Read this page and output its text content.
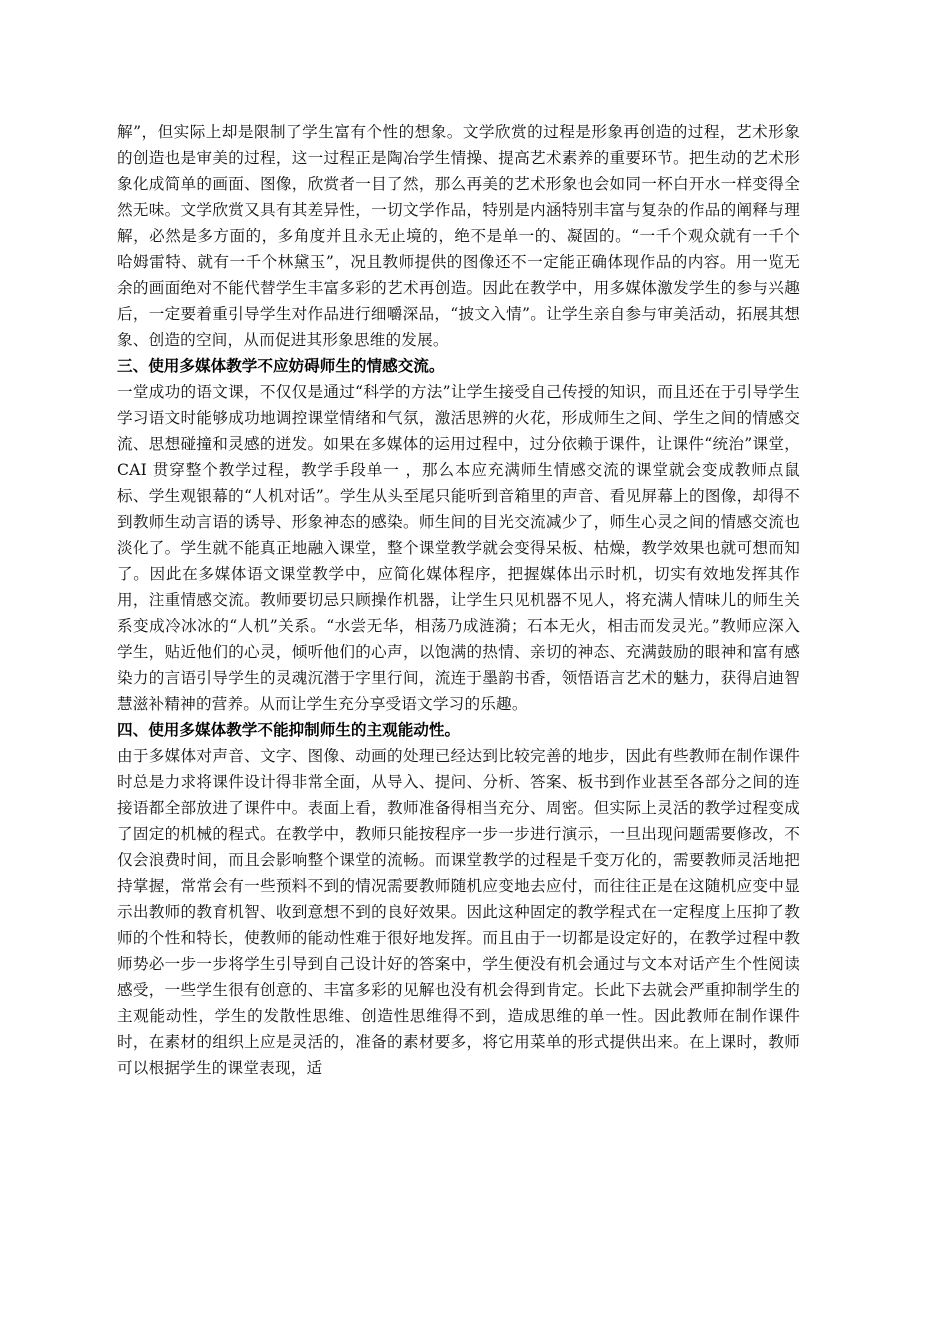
解”，但实际上却是限制了学生富有个性的想象。文学欣赏的过程是形象再创造的过程，艺术形象的创造也是审美的过程，这一过程正是陶冶学生情操、提高艺术素养的重要环节。把生动的艺术形象化成简单的画面、图像，欣赏者一目了然，那么再美的艺术形象也会如同一杯白开水一样变得全然无味。文学欣赏又具有其差异性，一切文学作品，特别是内涵特别丰富与复杂的作品的阐释与理解，必然是多方面的，多角度并且永无止境的，绝不是单一的、凝固的。“一千个观众就有一千个哈姆雷特、就有一千个林黛玉”，况且教师提供的图像还不一定能正确体现作品的内容。用一览无余的画面绝对不能代替学生丰富多彩的艺术再创造。因此在教学中，用多媒体激发学生的参与兴趣后，一定要着重引导学生对作品进行细嚼深品，“披文入情”。让学生亲自参与审美活动，拓展其想象、创造的空间，从而促进其形象思维的发展。

三、使用多媒体教学不应妨碍师生的情感交流。

一堂成功的语文课，不仅仅是通过“科学的方法”让学生接受自己传授的知识，而且还在于引导学生学习语文时能够成功地调控课堂情绪和气氛，激活思辨的火花，形成师生之间、学生之间的情感交流、思想碰撞和灵感的迸发。如果在多媒体的运用过程中，过分依赖于课件，让课件“统治”课堂，CAI 贯穿整个教学过程，教学手段单一 ，那么本应充满师生情感交流的课堂就会变成教师点鼠标、学生观银幕的“人机对话”。学生从头至尾只能听到音箱里的声音、看见屏幕上的图像，却得不到教师生动言语的诱导、形象神态的感染。师生间的目光交流减少了，师生心灵之间的情感交流也淡化了。学生就不能真正地融入课堂，整个课堂教学就会变得呆板、枯燥，教学效果也就可想而知了。因此在多媒体语文课堂教学中，应简化媒体程序，把握媒体出示时机，切实有效地发挥其作用，注重情感交流。教师要切忌只顾操作机器，让学生只见机器不见人，将充满人情味儿的师生关系变成冷冰冰的“人机”关系。“水尝无华，相荡乃成涟漪；石本无火，相击而发灵光。”教师应深入学生，贴近他们的心灵，倾听他们的心声，以饱满的热情、亲切的神态、充满鼓励的眼神和富有感染力的言语引导学生的灵魂沉潜于字里行间，流连于墨韵书香，领悟语言艺术的魅力，获得启迪智慧滋补精神的营养。从而让学生充分享受语文学习的乐趣。

四、使用多媒体教学不能抑制师生的主观能动性。

由于多媒体对声音、文字、图像、动画的处理已经达到比较完善的地步，因此有些教师在制作课件时总是力求将课件设计得非常全面，从导入、提问、分析、答案、板书到作业甚至各部分之间的连接语都全部放进了课件中。表面上看，教师准备得相当充分、周密。但实际上灵活的教学过程变成了固定的机械的程式。在教学中，教师只能按程序一步一步进行演示，一旦出现问题需要修改，不仅会浪费时间，而且会影响整个课堂的流畅。而课堂教学的过程是千变万化的，需要教师灵活地把持掌握，常常会有一些预料不到的情况需要教师随机应变地去应付，而往往正是在这随机应变中显示出教师的教育机智、收到意想不到的良好效果。因此这种固定的教学程式在一定程度上压抑了教师的个性和特长，使教师的能动性难于很好地发挥。而且由于一切都是设定好的，在教学过程中教师势必一步一步将学生引导到自己设计好的答案中，学生便没有机会通过与文本对话产生个性阅读感受，一些学生很有创意的、丰富多彩的见解也没有机会得到肯定。长此下去就会严重抑制学生的主观能动性，学生的发散性思维、创造性思维得不到，造成思维的单一性。因此教师在制作课件时，在素材的组织上应是灵活的，准备的素材要多，将它用菜单的形式提供出来。在上课时，教师可以根据学生的课堂表现，适
